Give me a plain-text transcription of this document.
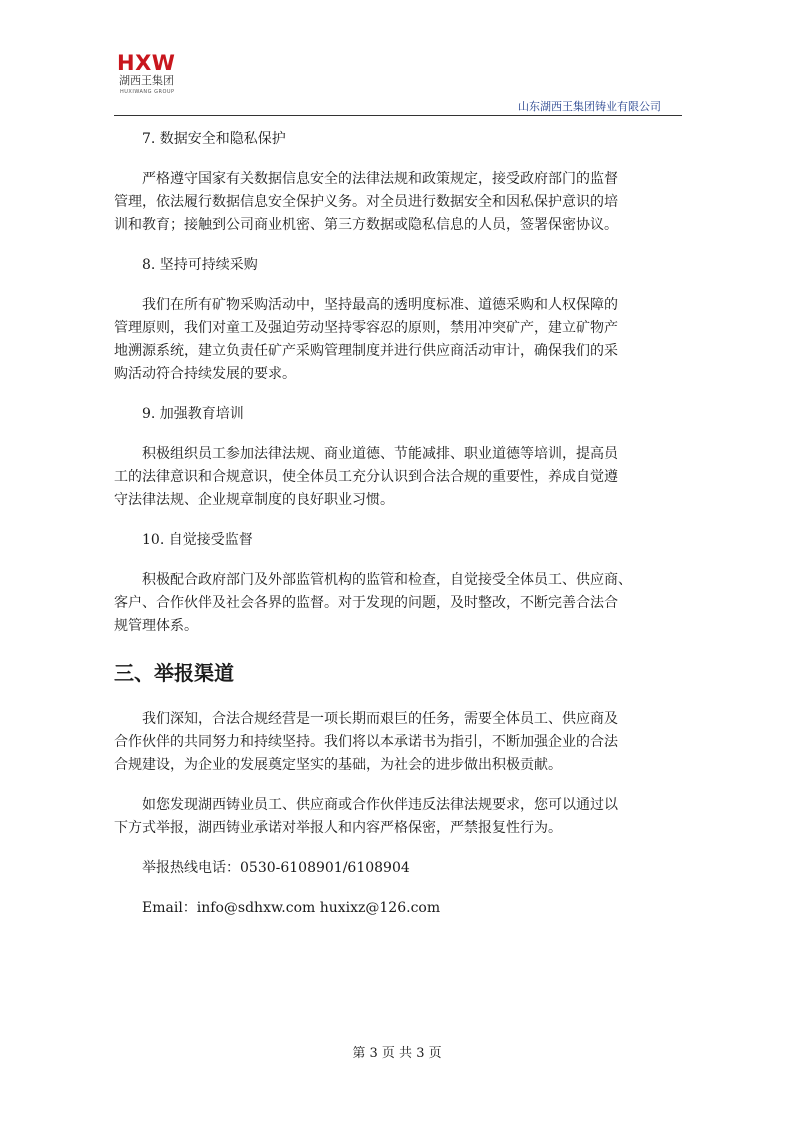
HXW
湖西王集团
HUXIWANG GROUP
山东湖西王集团铸业有限公司

7. 数据安全和隐私保护

严格遵守国家有关数据信息安全的法律法规和政策规定，接受政府部门的监督

管理，依法履行数据信息安全保护义务。对全员进行数据安全和因私保护意识的培

训和教育；接触到公司商业机密、第三方数据或隐私信息的人员，签署保密协议。

8. 坚持可持续采购

我们在所有矿物采购活动中，坚持最高的透明度标准、道德采购和人权保障的

管理原则，我们对童工及强迫劳动坚持零容忍的原则，禁用冲突矿产，建立矿物产

地溯源系统，建立负责任矿产采购管理制度并进行供应商活动审计，确保我们的采

购活动符合持续发展的要求。

9. 加强教育培训

积极组织员工参加法律法规、商业道德、节能减排、职业道德等培训，提高员

工的法律意识和合规意识，使全体员工充分认识到合法合规的重要性，养成自觉遵

守法律法规、企业规章制度的良好职业习惯。

10. 自觉接受监督

积极配合政府部门及外部监管机构的监管和检查，自觉接受全体员工、供应商、

客户、合作伙伴及社会各界的监督。对于发现的问题，及时整改，不断完善合法合

规管理体系。

三、举报渠道

我们深知，合法合规经营是一项长期而艰巨的任务，需要全体员工、供应商及

合作伙伴的共同努力和持续坚持。我们将以本承诺书为指引，不断加强企业的合法

合规建设，为企业的发展奠定坚实的基础，为社会的进步做出积极贡献。

如您发现湖西铸业员工、供应商或合作伙伴违反法律法规要求，您可以通过以

下方式举报，湖西铸业承诺对举报人和内容严格保密，严禁报复性行为。

举报热线电话：0530-6108901/6108904

Email：info@sdhxw.com huxixz@126.com

第 3 页 共 3 页
